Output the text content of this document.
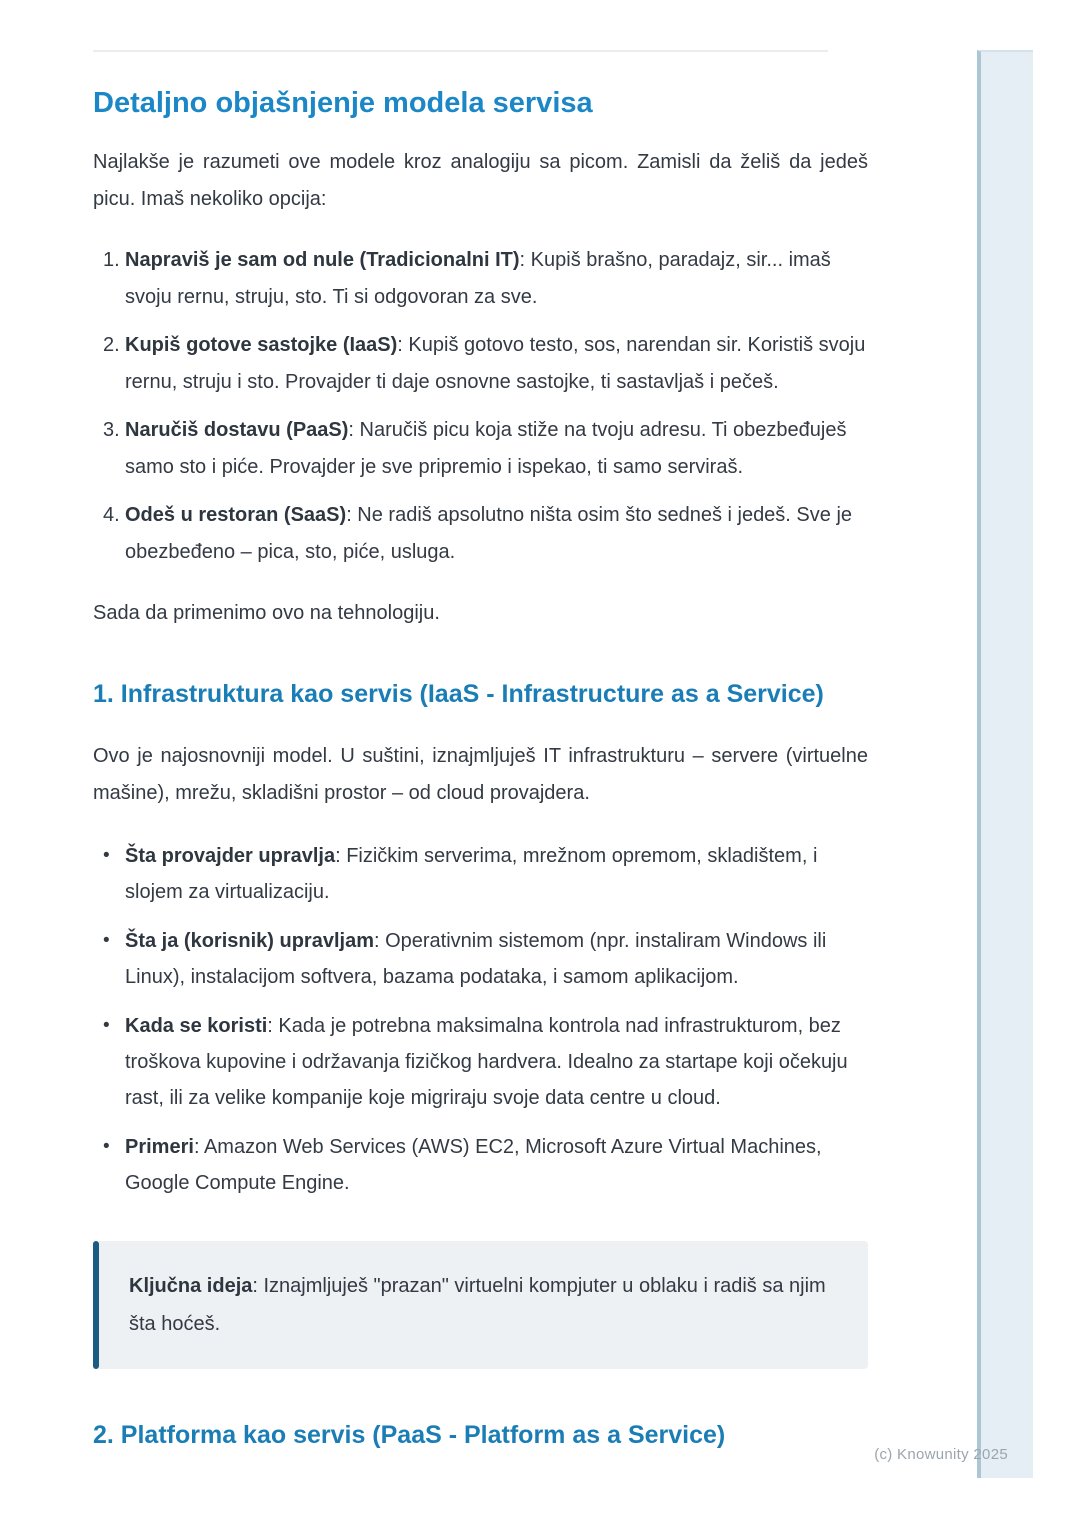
Detaljno objašnjenje modela servisa

Najlakše je razumeti ove modele kroz analogiju sa picom. Zamisli da želiš da jedeš picu. Imaš nekoliko opcija:

1. Napraviš je sam od nule (Tradicionalni IT): Kupiš brašno, paradajz, sir... imaš svoju rernu, struju, sto. Ti si odgovoran za sve.
2. Kupiš gotove sastojke (IaaS): Kupiš gotovo testo, sos, narendan sir. Koristiš svoju rernu, struju i sto. Provajder ti daje osnovne sastojke, ti sastavljaš i pečeš.
3. Naručiš dostavu (PaaS): Naručiš picu koja stiže na tvoju adresu. Ti obezbeđuješ samo sto i piće. Provajder je sve pripremio i ispekao, ti samo serviraš.
4. Odeš u restoran (SaaS): Ne radiš apsolutno ništa osim što sedneš i jedeš. Sve je obezbeđeno – pica, sto, piće, usluga.

Sada da primenimo ovo na tehnologiju.

1. Infrastruktura kao servis (IaaS - Infrastructure as a Service)

Ovo je najosnovniji model. U suštini, iznajmljuješ IT infrastrukturu – servere (virtuelne mašine), mrežu, skladišni prostor – od cloud provajdera.

• Šta provajder upravlja: Fizičkim serverima, mrežnom opremom, skladištem, i slojem za virtualizaciju.
• Šta ja (korisnik) upravljam: Operativnim sistemom (npr. instaliram Windows ili Linux), instalacijom softvera, bazama podataka, i samom aplikacijom.
• Kada se koristi: Kada je potrebna maksimalna kontrola nad infrastrukturom, bez troškova kupovine i održavanja fizičkog hardvera. Idealno za startape koji očekuju rast, ili za velike kompanije koje migriraju svoje data centre u cloud.
• Primeri: Amazon Web Services (AWS) EC2, Microsoft Azure Virtual Machines, Google Compute Engine.
Ključna ideja: Iznajmljuješ "prazan" virtuelni kompjuter u oblaku i radiš sa njim šta hoćeš.
2. Platforma kao servis (PaaS - Platform as a Service)
(c) Knowunity 2025
